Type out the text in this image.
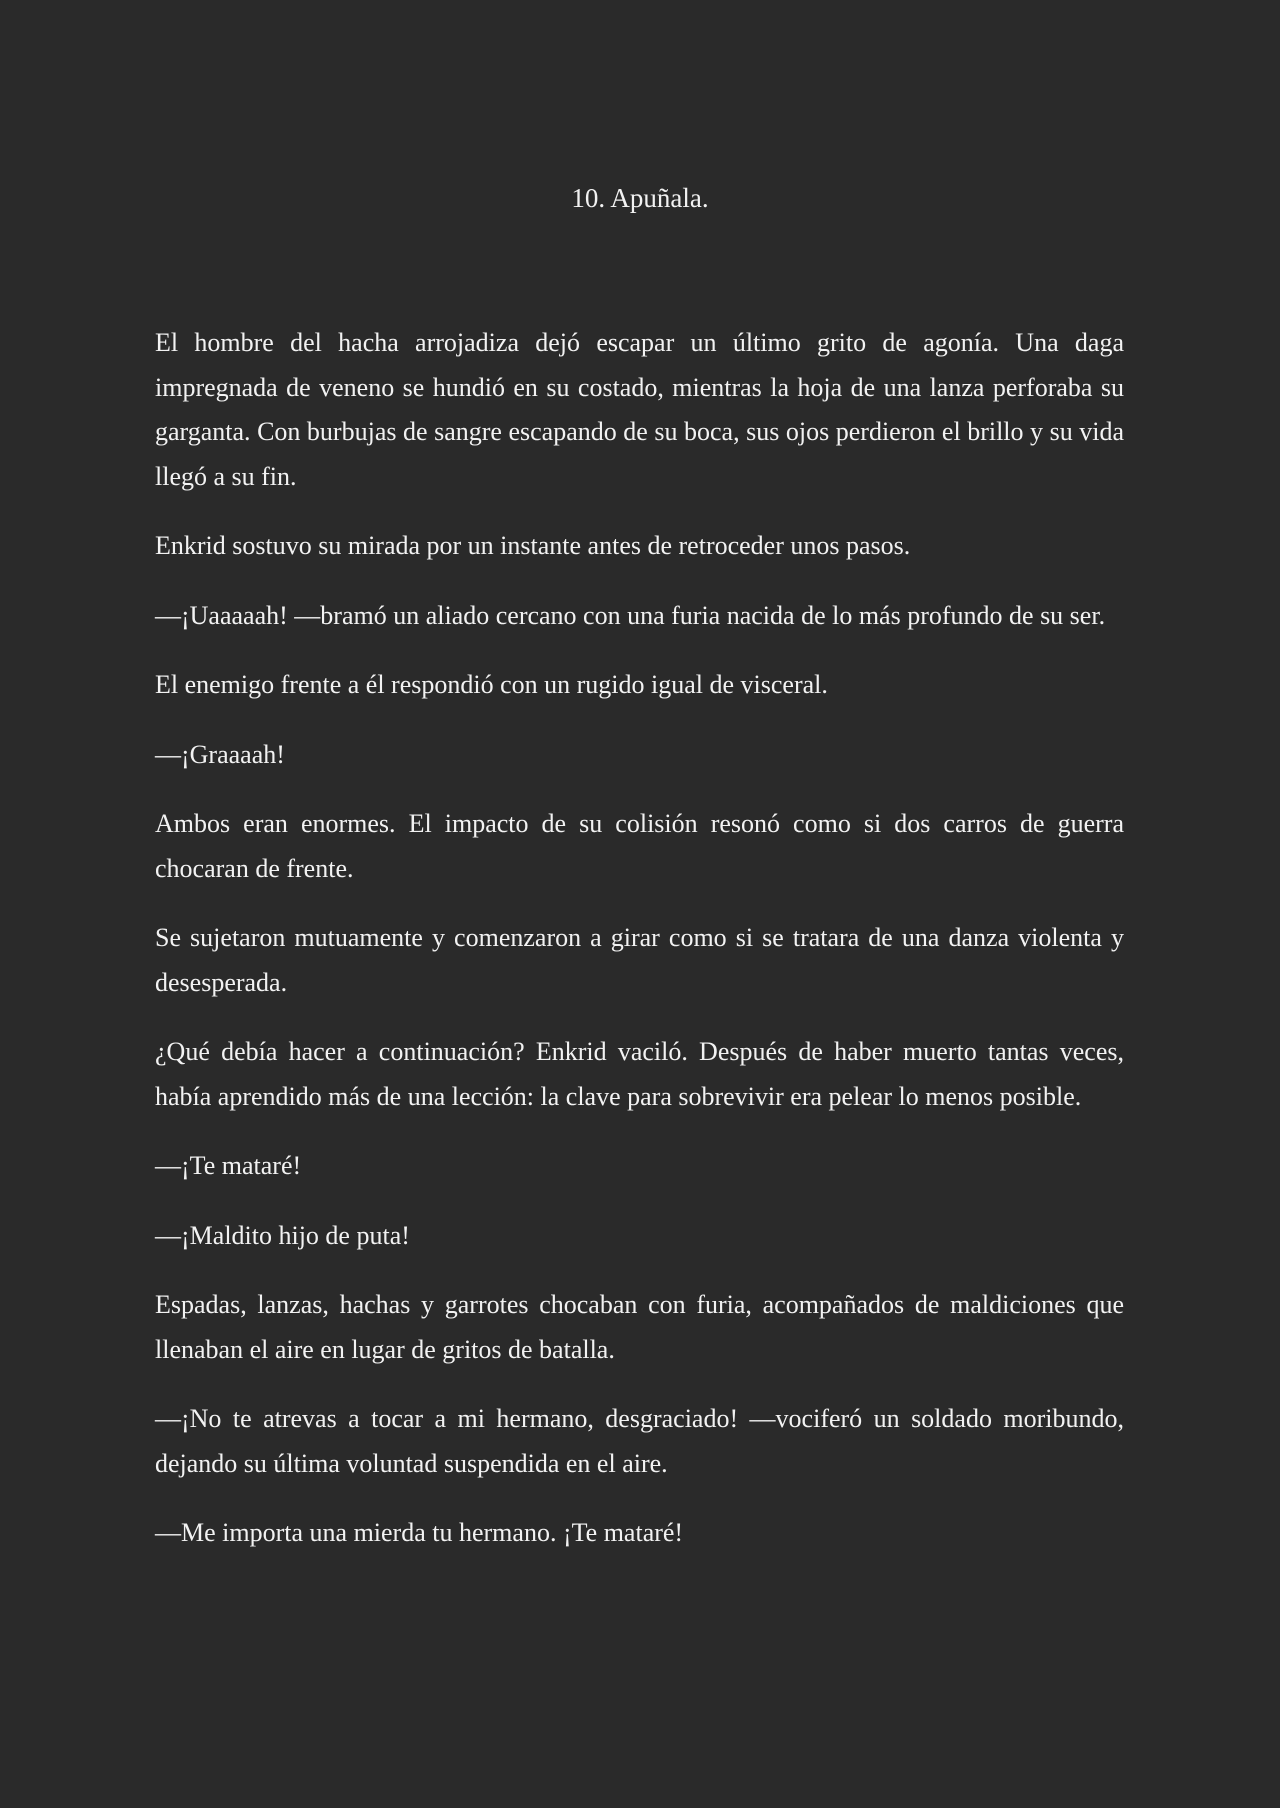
10. Apuñala.

El hombre del hacha arrojadiza dejó escapar un último grito de agonía. Una daga impregnada de veneno se hundió en su costado, mientras la hoja de una lanza perforaba su garganta. Con burbujas de sangre escapando de su boca, sus ojos perdieron el brillo y su vida llegó a su fin.

Enkrid sostuvo su mirada por un instante antes de retroceder unos pasos.

—¡Uaaaaah! —bramó un aliado cercano con una furia nacida de lo más profundo de su ser.

El enemigo frente a él respondió con un rugido igual de visceral.

—¡Graaaah!

Ambos eran enormes. El impacto de su colisión resonó como si dos carros de guerra chocaran de frente.

Se sujetaron mutuamente y comenzaron a girar como si se tratara de una danza violenta y desesperada.

¿Qué debía hacer a continuación? Enkrid vaciló. Después de haber muerto tantas veces, había aprendido más de una lección: la clave para sobrevivir era pelear lo menos posible.

—¡Te mataré!

—¡Maldito hijo de puta!

Espadas, lanzas, hachas y garrotes chocaban con furia, acompañados de maldiciones que llenaban el aire en lugar de gritos de batalla.

—¡No te atrevas a tocar a mi hermano, desgraciado! —vociferó un soldado moribundo, dejando su última voluntad suspendida en el aire.

—Me importa una mierda tu hermano. ¡Te mataré!
